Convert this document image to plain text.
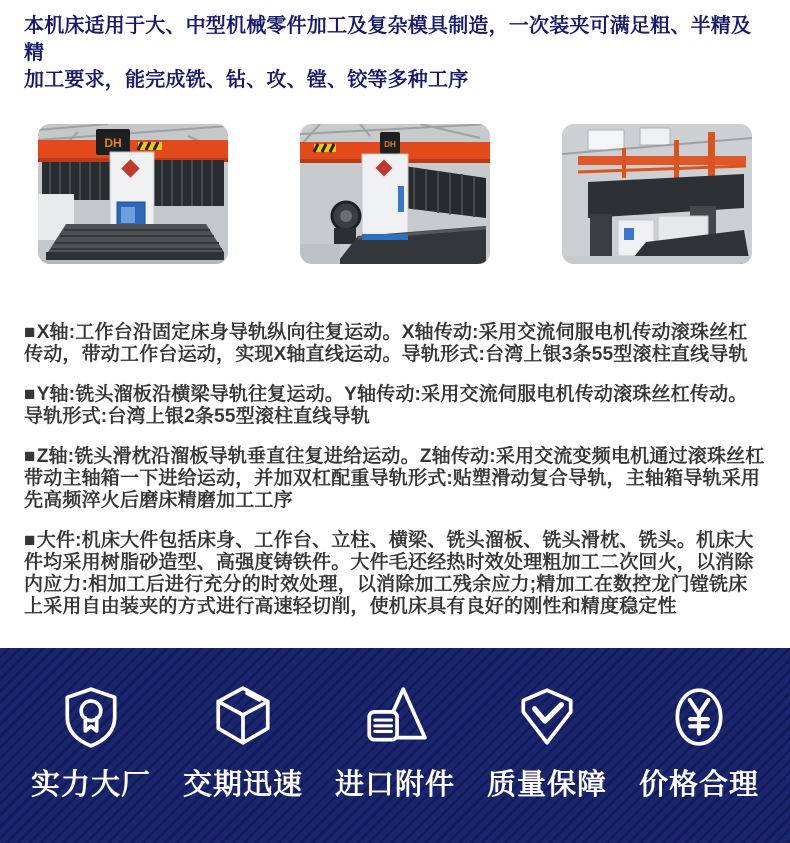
本机床适用于大、中型机械零件加工及复杂模具制造，一次装夹可满足粗、半精及精
加工要求，能完成铣、钻、攻、镗、铰等多种工序
DH	DH

■X轴:工作台沿固定床身导轨纵向往复运动。X轴传动:采用交流伺服电机传动滚珠丝杠传动，带动工作台运动，实现X轴直线运动。导轨形式:台湾上银3条55型滚柱直线导轨

■Y轴:铣头溜板沿横梁导轨往复运动。Y轴传动:采用交流伺服电机传动滚珠丝杠传动。导轨形式:台湾上银2条55型滚柱直线导轨

■Z轴:铣头滑枕沿溜板导轨垂直往复进给运动。Z轴传动:采用交流变频电机通过滚珠丝杠带动主轴箱一下进给运动，并加双杠配重导轨形式:贴塑滑动复合导轨，主轴箱导轨采用先高频淬火后磨床精磨加工工序

■大件:机床大件包括床身、工作台、立柱、横梁、铣头溜板、铣头滑枕、铣头。机床大件均采用树脂砂造型、高强度铸铁件。大件毛还经热时效处理粗加工二次回火，以消除内应力:相加工后进行充分的时效处理，以消除加工残余应力;精加工在数控龙门镗铣床上采用自由装夹的方式进行高速轻切削，使机床具有良好的刚性和精度稳定性

实力大厂 交期迅速 进口附件 质量保障 价格合理
